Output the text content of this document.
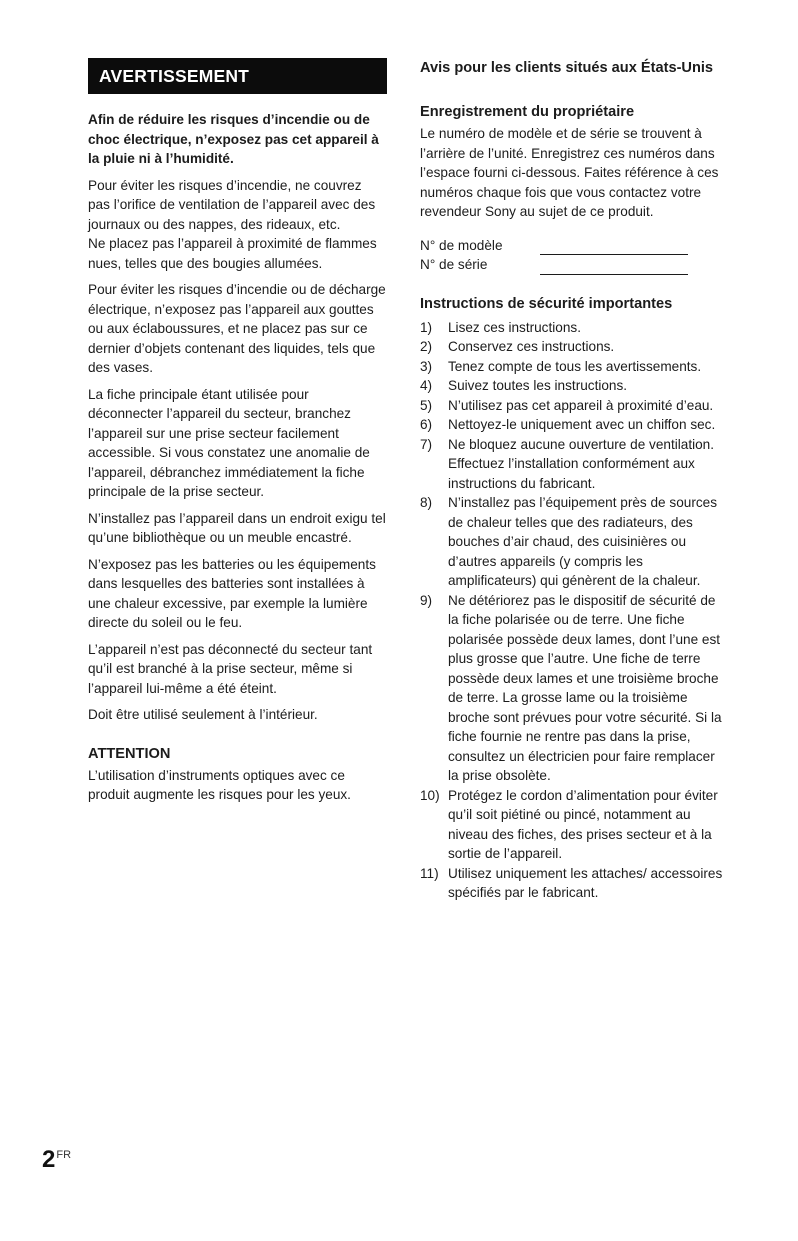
AVERTISSEMENT

Afin de réduire les risques d’incendie ou de choc électrique, n’exposez pas cet appareil à la pluie ni à l’humidité.

Pour éviter les risques d’incendie, ne couvrez pas l’orifice de ventilation de l’appareil avec des journaux ou des nappes, des rideaux, etc.

Ne placez pas l’appareil à proximité de flammes nues, telles que des bougies allumées.

Pour éviter les risques d’incendie ou de décharge électrique, n’exposez pas l’appareil aux gouttes ou aux éclaboussures, et ne placez pas sur ce dernier d’objets contenant des liquides, tels que des vases.

La fiche principale étant utilisée pour déconnecter l’appareil du secteur, branchez l’appareil sur une prise secteur facilement accessible. Si vous constatez une anomalie de l’appareil, débranchez immédiatement la fiche principale de la prise secteur.

N’installez pas l’appareil dans un endroit exigu tel qu’une bibliothèque ou un meuble encastré.

N’exposez pas les batteries ou les équipements dans lesquelles des batteries sont installées à une chaleur excessive, par exemple la lumière directe du soleil ou le feu.

L’appareil n’est pas déconnecté du secteur tant qu’il est branché à la prise secteur, même si l’appareil lui-même a été éteint.

Doit être utilisé seulement à l’intérieur.

ATTENTION

L’utilisation d’instruments optiques avec ce produit augmente les risques pour les yeux.

Avis pour les clients situés aux États-Unis
Enregistrement du propriétaire

Le numéro de modèle et de série se trouvent à l’arrière de l’unité. Enregistrez ces numéros dans l’espace fourni ci-dessous. Faites référence à ces numéros chaque fois que vous contactez votre revendeur Sony au sujet de ce produit.

N° de modèle
N° de série
Instructions de sécurité importantes
1)	Lisez ces instructions.
2)	Conservez ces instructions.
3)	Tenez compte de tous les avertissements.
4)	Suivez toutes les instructions.
5)	N’utilisez pas cet appareil à proximité d’eau.
6)	Nettoyez-le uniquement avec un chiffon sec.
7)	Ne bloquez aucune ouverture de ventilation. Effectuez l’installation conformément aux instructions du fabricant.
8)	N’installez pas l’équipement près de sources de chaleur telles que des radiateurs, des bouches d’air chaud, des cuisinières ou d’autres appareils (y compris les amplificateurs) qui génèrent de la chaleur.
9)	Ne détériorez pas le dispositif de sécurité de la fiche polarisée ou de terre. Une fiche polarisée possède deux lames, dont l’une est plus grosse que l’autre. Une fiche de terre possède deux lames et une troisième broche de terre. La grosse lame ou la troisième broche sont prévues pour votre sécurité. Si la fiche fournie ne rentre pas dans la prise, consultez un électricien pour faire remplacer la prise obsolète.
10) Protégez le cordon d’alimentation pour éviter qu’il soit piétiné ou pincé, notamment au niveau des fiches, des prises secteur et à la sortie de l’appareil.
11) Utilisez uniquement les attaches/ accessoires spécifiés par le fabricant.
$2^{FR}$
